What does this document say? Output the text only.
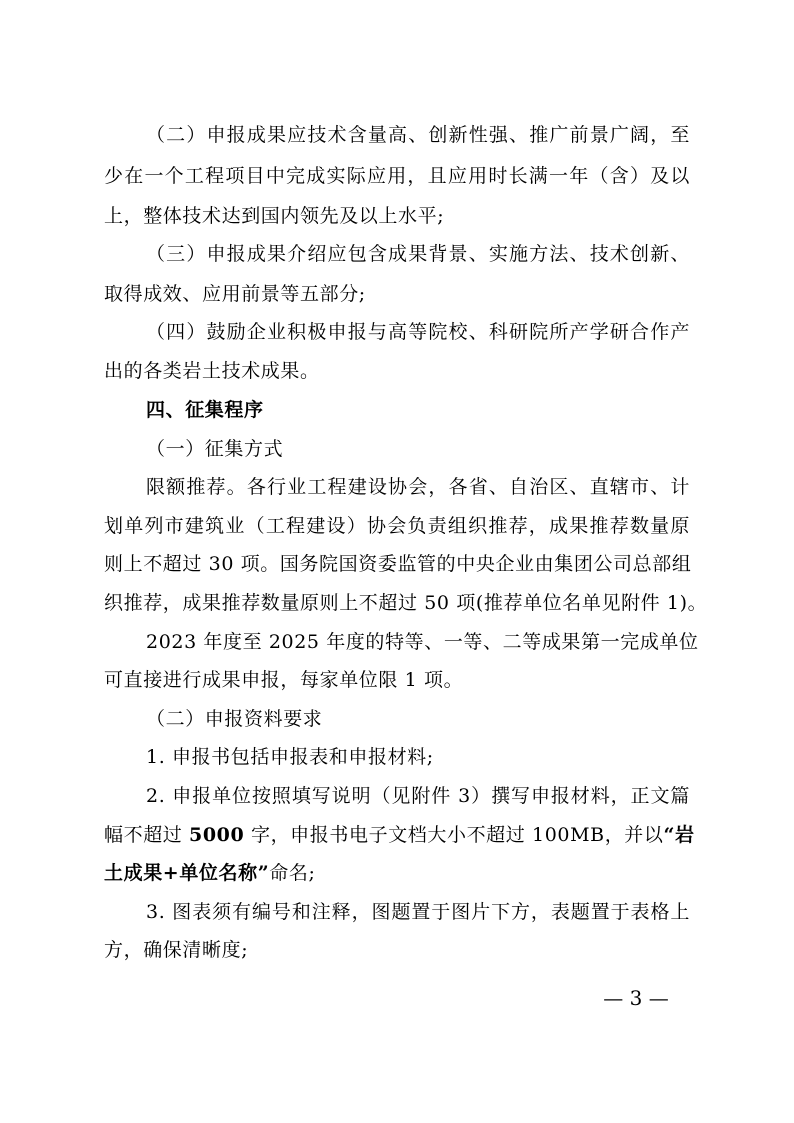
（二）申报成果应技术含量高、创新性强、推广前景广阔，至
少在一个工程项目中完成实际应用，且应用时长满一年（含）及以
上，整体技术达到国内领先及以上水平;
（三）申报成果介绍应包含成果背景、实施方法、技术创新、
取得成效、应用前景等五部分;
（四）鼓励企业积极申报与高等院校、科研院所产学研合作产
出的各类岩土技术成果。
四、征集程序
（一）征集方式
限额推荐。各行业工程建设协会，各省、自治区、直辖市、计
划单列市建筑业（工程建设）协会负责组织推荐，成果推荐数量原
则上不超过 30 项。国务院国资委监管的中央企业由集团公司总部组
织推荐，成果推荐数量原则上不超过 50 项(推荐单位名单见附件 1)。
2023 年度至 2025 年度的特等、一等、二等成果第一完成单位
可直接进行成果申报，每家单位限 1 项。
（二）申报资料要求
1. 申报书包括申报表和申报材料;
2. 申报单位按照填写说明（见附件 3）撰写申报材料，正文篇
幅不超过 5000 字，申报书电子文档大小不超过 100MB，并以“岩
土成果+单位名称”命名;
3. 图表须有编号和注释，图题置于图片下方，表题置于表格上
方，确保清晰度;
— 3 —
